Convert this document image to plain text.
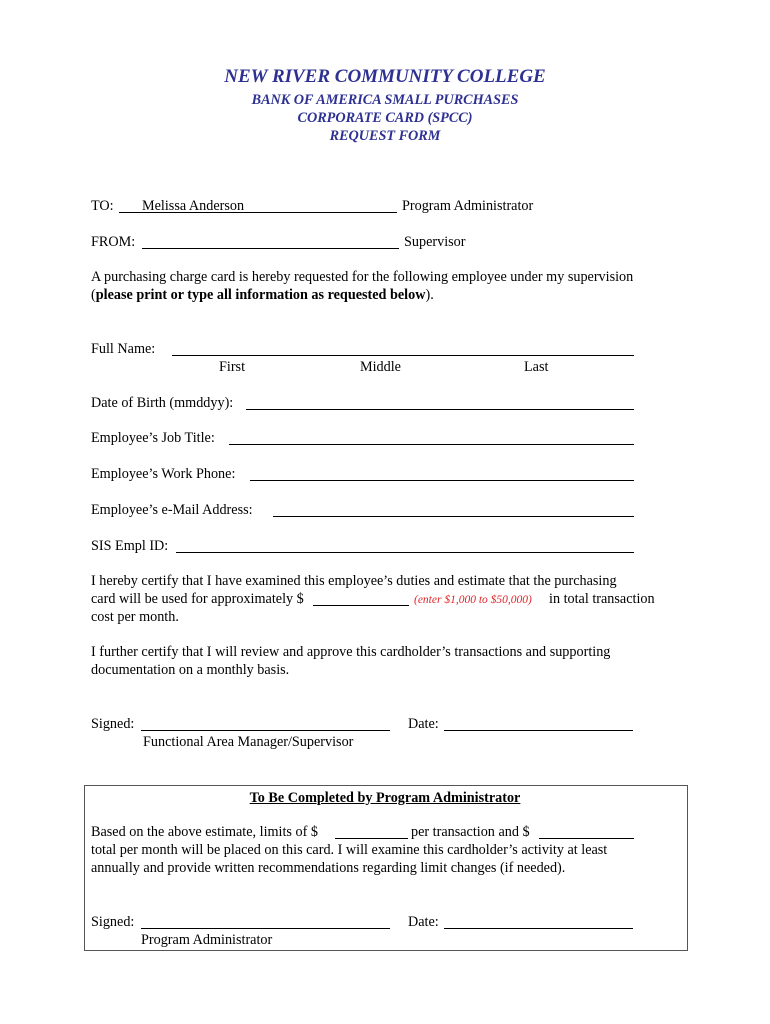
NEW RIVER COMMUNITY COLLEGE
BANK OF AMERICA SMALL PURCHASES
CORPORATE CARD (SPCC)
REQUEST FORM
TO: Melissa Anderson	Program Administrator
FROM:	Supervisor
A purchasing charge card is hereby requested for the following employee under my supervision
(please print or type all information as requested below).
Full Name:
First	Middle	Last
Date of Birth (mmddyy):
Employee’s Job Title:
Employee’s Work Phone:
Employee’s e-Mail Address:
SIS Empl ID:
I hereby certify that I have examined this employee’s duties and estimate that the purchasing
card will be used for approximately $	(enter $1,000 to $50,000) in total transaction
cost per month.
I further certify that I will review and approve this cardholder’s transactions and supporting
documentation on a monthly basis.
Signed:	Date:
Functional Area Manager/Supervisor
To Be Completed by Program Administrator
Based on the above estimate, limits of $	per transaction and $
total per month will be placed on this card. I will examine this cardholder’s activity at least
annually and provide written recommendations regarding limit changes (if needed).
Signed:	Date:
Program Administrator
